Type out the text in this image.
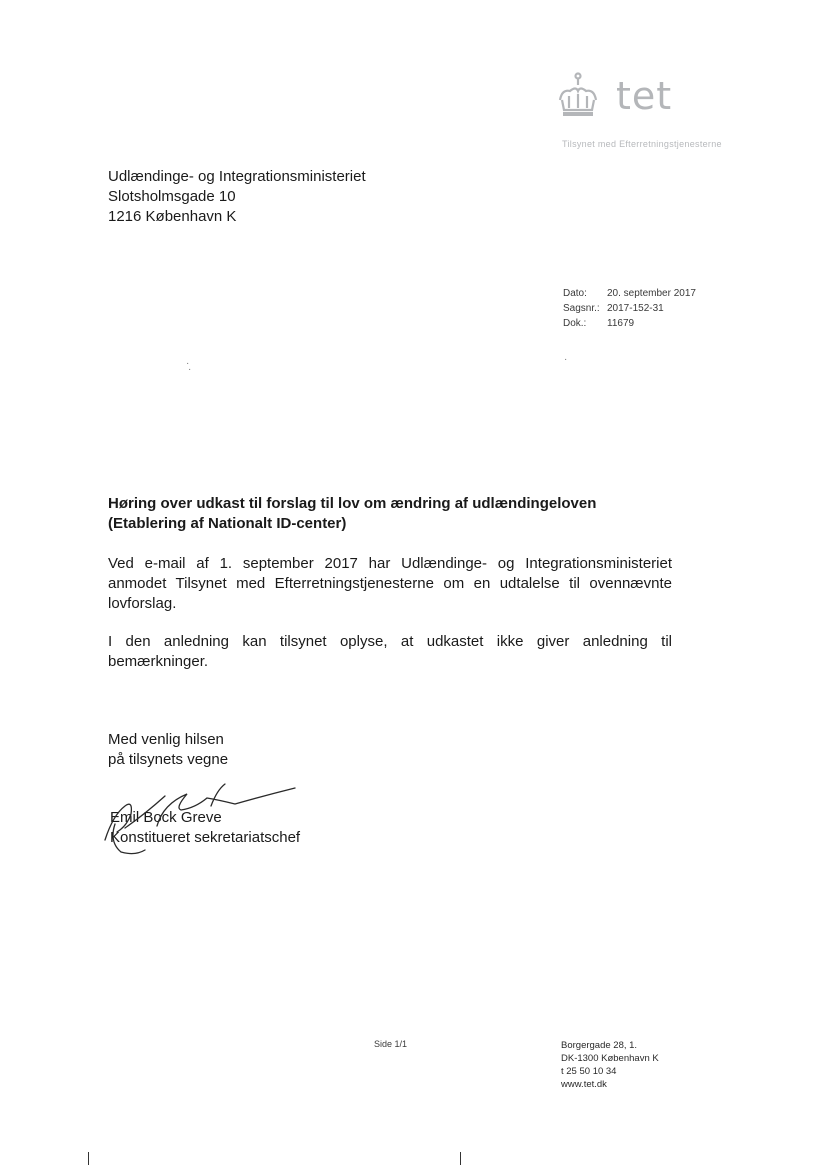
tet
Tilsynet med Efterretningstjenesterne
Udlændinge- og Integrationsministeriet
Slotsholmsgade 10
1216 København K
Dato:	20. september 2017
Sagsnr.: 2017-152-31
Dok.:	11679
·
·
·
Høring over udkast til forslag til lov om ændring af udlændingeloven (Etablering af Nationalt ID-center)
Ved e-mail af 1. september 2017 har Udlændinge- og Integrationsministeriet anmodet Tilsynet med Efterretningstjenesterne om en udtalelse til ovennævnte lovforslag.
I den anledning kan tilsynet oplyse, at udkastet ikke giver anledning til bemærkninger.
Med venlig hilsen
på tilsynets vegne
Emil Bock Greve
Konstitueret sekretariatschef
Side 1/1	Borgergade 28, 1.
DK-1300 København K
t 25 50 10 34
www.tet.dk
